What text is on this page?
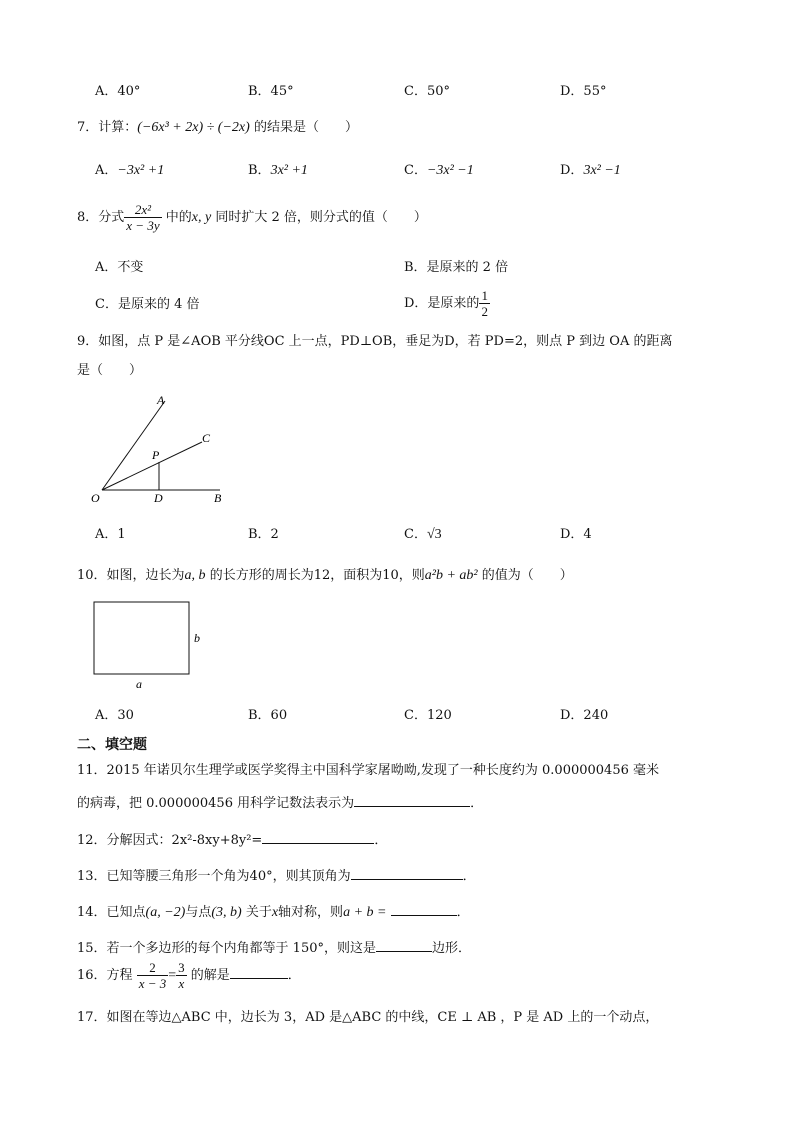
A．40°	B．45°	C．50°	D．55°
7．计算：(−6x³ + 2x) ÷ (−2x) 的结果是（　　）
A．−3x² +1	B．3x² +1	C．−3x² −1	D．3x² −1
8．分式 $\frac{\text{2x²}}{x - 3y}$ 中的x, y 同时扩大 2 倍，则分式的值（　　）
A．不变	B．是原来的 2 倍
C．是原来的 4 倍	D．是原来的 $\frac{1}{2}$
9．如图，点 P 是∠AOB 平分线OC 上一点，PD⊥OB，垂足为D，若 PD=2，则点 P 到边 OA 的距离
是（　　）
A
C
P
O	D	B
A．1	B．2	C．√3	D．4
10．如图，边长为a, b 的长方形的周长为12，面积为10，则a²b + ab² 的值为（　　）
a
b
A．30	B．60	C．120	D．240
二、填空题
11．2015 年诺贝尔生理学或医学奖得主中国科学家屠呦呦,发现了一种长度约为 0.000000456 毫米
的病毒，把 0.000000456 用科学记数法表示为	．
12．分解因式：2x²-8xy+8y²=	．
13．已知等腰三角形一个角为40°，则其顶角为	．
14．已知点(a, −2)与点(3, b) 关于x轴对称，则a + b =	．
15．若一个多边形的每个内角都等于 150°，则这是	边形．
16．方程 $\frac{2}{x - 3} = \frac{3}{x}$ 的解是	．
17．如图在等边△ABC 中，边长为 3，AD 是△ABC 的中线，CE ⊥ AB ，P 是 AD 上的一个动点，
